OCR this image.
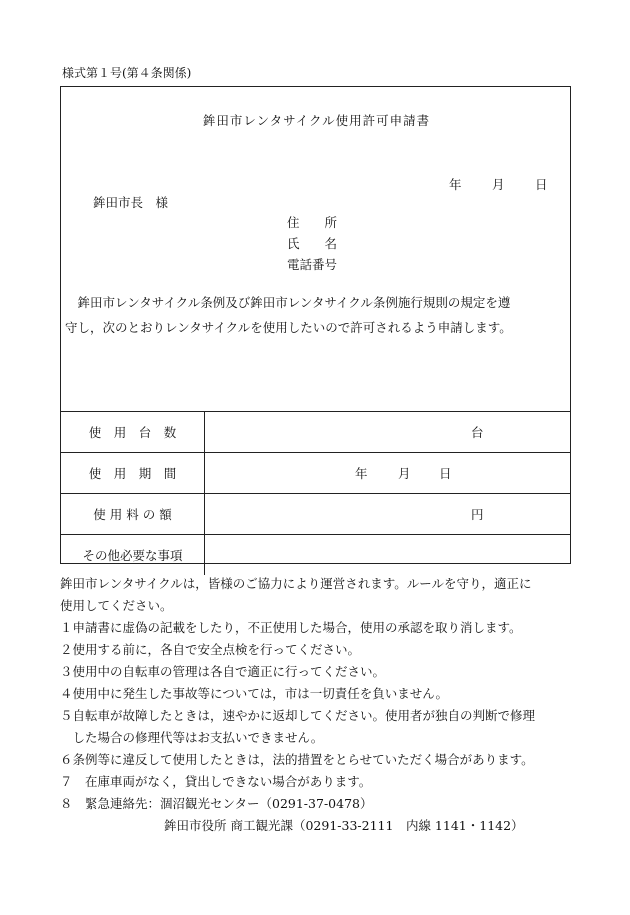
様式第１号(第４条関係)
鉾田市レンタサイクル使用許可申請書
年 月 日
鉾田市長　様
住　　所
氏　　名
電話番号
　鉾田市レンタサイクル条例及び鉾田市レンタサイクル条例施行規則の規定を遵
守し，次のとおりレンタサイクルを使用したいので許可されるよう申請します。
使　用　台　数	台
使　用　期　間	年 月 日
使 用 料 の 額	円
その他必要な事項
鉾田市レンタサイクルは，皆様のご協力により運営されます。ルールを守り，適正に
使用してください。
１申請書に虚偽の記載をしたり，不正使用した場合，使用の承認を取り消します。
２使用する前に，各自で安全点検を行ってください。
３使用中の自転車の管理は各自で適正に行ってください。
４使用中に発生した事故等については，市は一切責任を負いません。
５自転車が故障したときは，速やかに返却してください。使用者が独自の判断で修理
　した場合の修理代等はお支払いできません。
６条例等に違反して使用したときは，法的措置をとらせていただく場合があります。
７　在庫車両がなく，貸出しできない場合があります。
８　緊急連絡先：涸沼観光センター（0291-37-0478）
鉾田市役所 商工観光課（0291-33-2111　内線 1141・1142）
